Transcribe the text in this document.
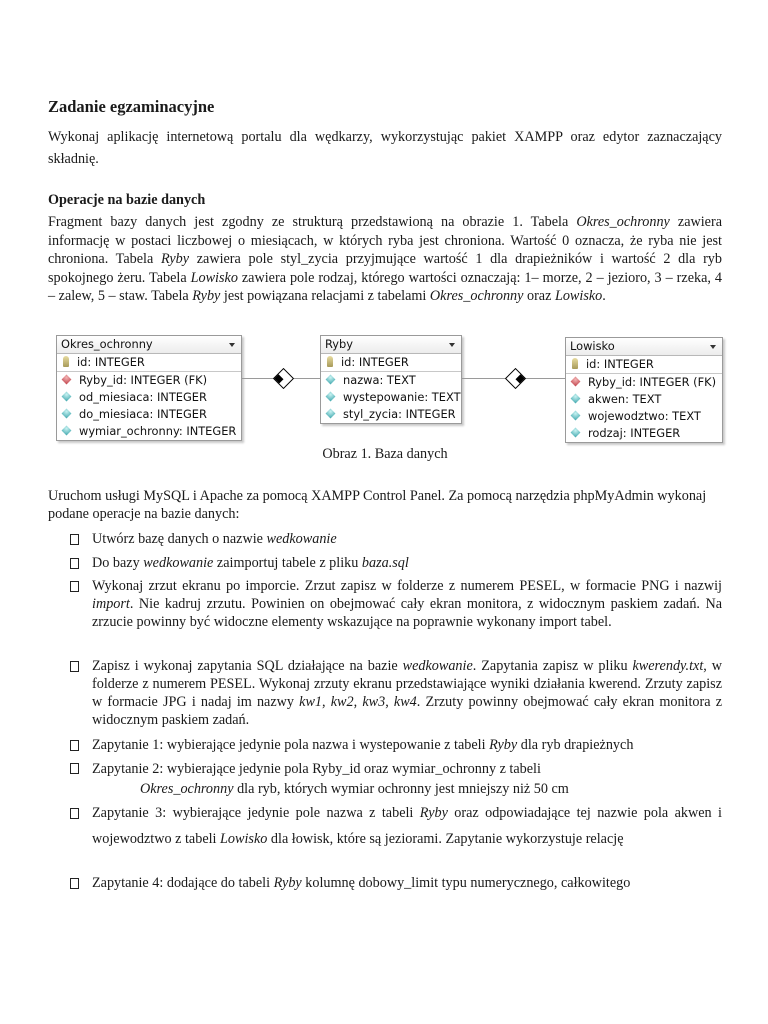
Zadanie egzaminacyjne

Wykonaj aplikację internetową portalu dla wędkarzy, wykorzystując pakiet XAMPP oraz edytor zaznaczający składnię.

Operacje na bazie danych

Fragment bazy danych jest zgodny ze strukturą przedstawioną na obrazie 1. Tabela Okres_ochronny zawiera informację w postaci liczbowej o miesiącach, w których ryba jest chroniona. Wartość 0 oznacza, że ryba nie jest chroniona. Tabela Ryby zawiera pole styl_zycia przyjmujące wartość 1 dla drapieżników i wartość 2 dla ryb spokojnego żeru. Tabela Lowisko zawiera pole rodzaj, którego wartości oznaczają: 1– morze, 2 – jezioro, 3 – rzeka, 4 – zalew, 5 – staw. Tabela Ryby jest powiązana relacjami z tabelami Okres_ochronny oraz Lowisko.

Okres_ochronny
id: INTEGER
Ryby_id: INTEGER (FK)
od_miesiaca: INTEGER
do_miesiaca: INTEGER
wymiar_ochronny: INTEGER
Ryby
id: INTEGER
nazwa: TEXT
wystepowanie: TEXT
styl_zycia: INTEGER
Lowisko
id: INTEGER
Ryby_id: INTEGER (FK)
akwen: TEXT
wojewodztwo: TEXT
rodzaj: INTEGER
Obraz 1. Baza danych

Uruchom usługi MySQL i Apache za pomocą XAMPP Control Panel. Za pomocą narzędzia phpMyAdmin wykonaj podane operacje na bazie danych:

Utwórz bazę danych o nazwie wedkowanie
Do bazy wedkowanie zaimportuj tabele z pliku baza.sql
Wykonaj zrzut ekranu po imporcie. Zrzut zapisz w folderze z numerem PESEL, w formacie PNG i nazwij import. Nie kadruj zrzutu. Powinien on obejmować cały ekran monitora, z widocznym paskiem zadań. Na zrzucie powinny być widoczne elementy wskazujące na poprawnie wykonany import tabel.
Zapisz i wykonaj zapytania SQL działające na bazie wedkowanie. Zapytania zapisz w pliku kwerendy.txt, w folderze z numerem PESEL. Wykonaj zrzuty ekranu przedstawiające wyniki działania kwerend. Zrzuty zapisz w formacie JPG i nadaj im nazwy kw1, kw2, kw3, kw4. Zrzuty powinny obejmować cały ekran monitora z widocznym paskiem zadań.
Zapytanie 1: wybierające jedynie pola nazwa i wystepowanie z tabeli Ryby dla ryb drapieżnych
Zapytanie 2: wybierające jedynie pola Ryby_id oraz wymiar_ochronny z tabeli
Okres_ochronny dla ryb, których wymiar ochronny jest mniejszy niż 50 cm
Zapytanie 3: wybierające jedynie pole nazwa z tabeli Ryby oraz odpowiadające tej nazwie pola akwen i wojewodztwo z tabeli Lowisko dla łowisk, które są jeziorami. Zapytanie wykorzystuje relację
Zapytanie 4: dodające do tabeli Ryby kolumnę dobowy_limit typu numerycznego, całkowitego
